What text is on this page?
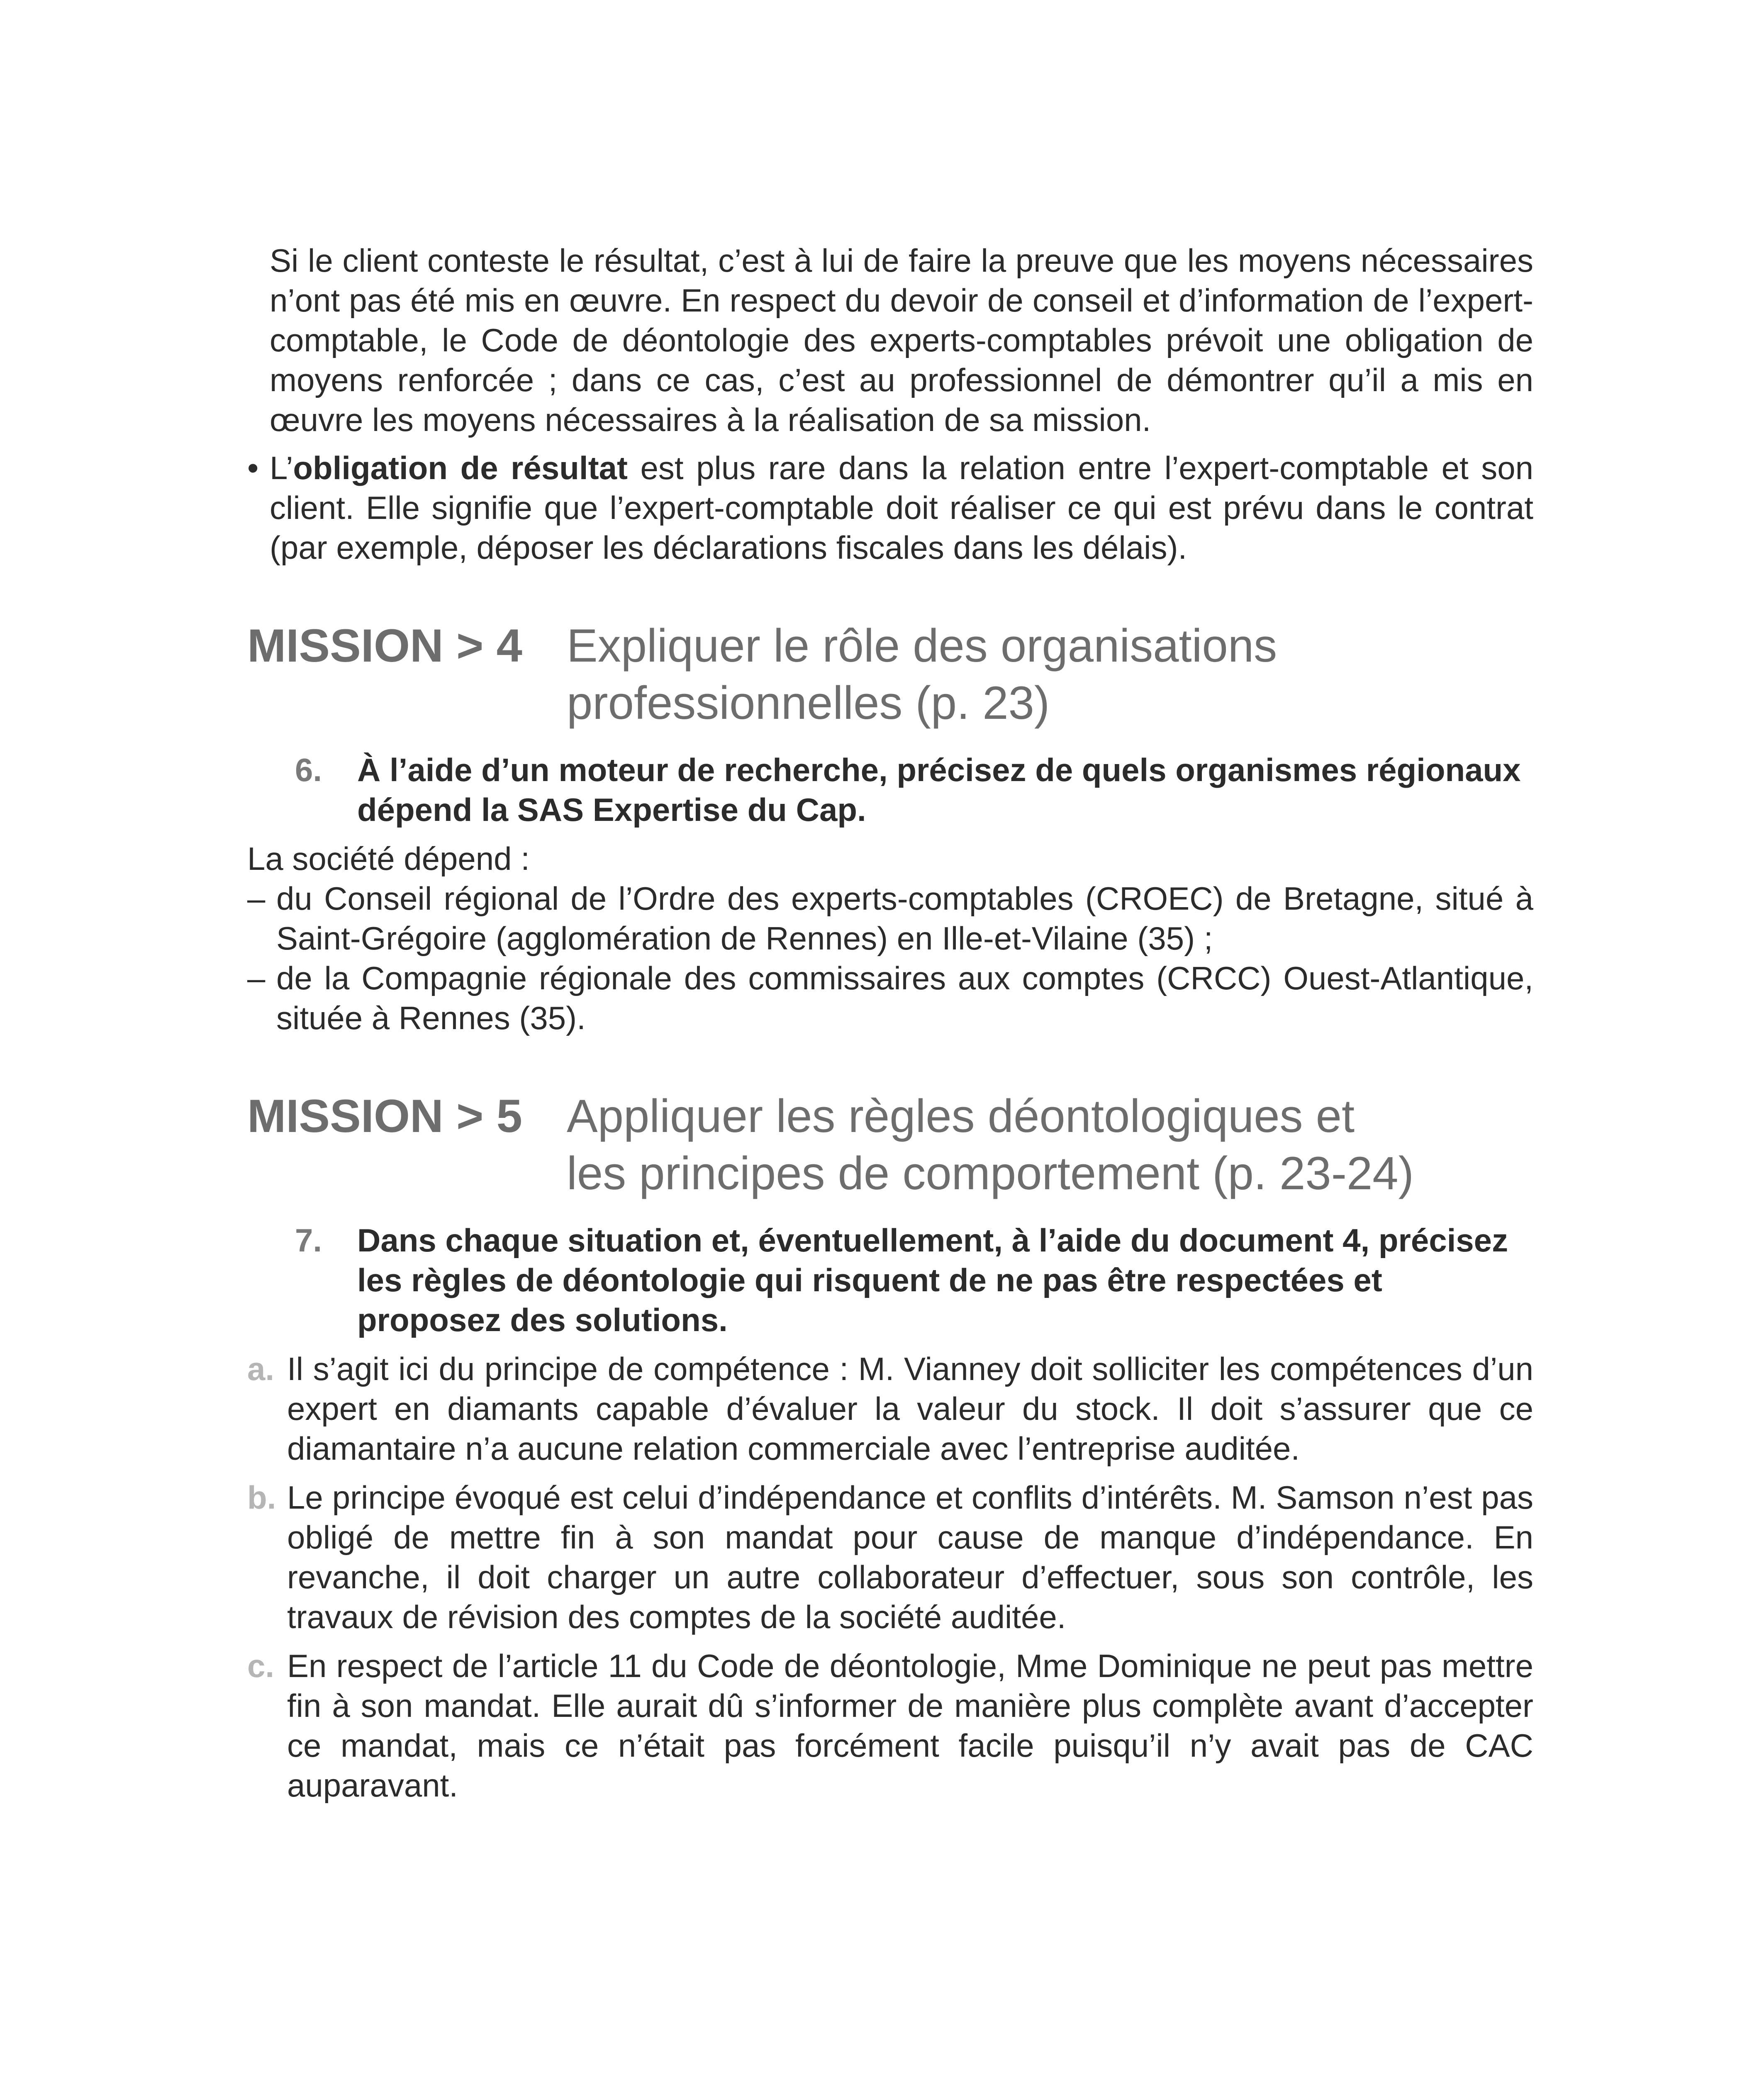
Si le client conteste le résultat, c’est à lui de faire la preuve que les moyens nécessaires n’ont pas été mis en œuvre. En respect du devoir de conseil et d’information de l’expert-comptable, le Code de déontologie des experts-comptables prévoit une obligation de moyens renforcée ; dans ce cas, c’est au professionnel de démontrer qu’il a mis en œuvre les moyens nécessaires à la réalisation de sa mission.

• L’obligation de résultat est plus rare dans la relation entre l’expert-comptable et son client. Elle signifie que l’expert-comptable doit réaliser ce qui est prévu dans le contrat (par exemple, déposer les déclarations fiscales dans les délais).
MISSION > 4 Expliquer le rôle des organisations
professionnelles (p. 23)
6.	À l’aide d’un moteur de recherche, précisez de quels organismes régionaux dépend la SAS Expertise du Cap.

La société dépend :

– du Conseil régional de l’Ordre des experts-comptables (CROEC) de Bretagne, situé à Saint-Grégoire (agglomération de Rennes) en Ille-et-Vilaine (35) ;
– de la Compagnie régionale des commissaires aux comptes (CRCC) Ouest-Atlantique, située à Rennes (35).
MISSION > 5 Appliquer les règles déontologiques et
les principes de comportement (p. 23-24)
7.	Dans chaque situation et, éventuellement, à l’aide du document 4, précisez les règles de déontologie qui risquent de ne pas être respectées et proposez des solutions.
a. Il s’agit ici du principe de compétence : M. Vianney doit solliciter les compétences d’un expert en diamants capable d’évaluer la valeur du stock. Il doit s’assurer que ce diamantaire n’a aucune relation commerciale avec l’entreprise auditée.
b. Le principe évoqué est celui d’indépendance et conflits d’intérêts. M. Samson n’est pas obligé de mettre fin à son mandat pour cause de manque d’indépendance. En revanche, il doit charger un autre collaborateur d’effectuer, sous son contrôle, les travaux de révision des comptes de la société auditée.
c. En respect de l’article 11 du Code de déontologie, Mme Dominique ne peut pas mettre fin à son mandat. Elle aurait dû s’informer de manière plus complète avant d’accepter ce mandat, mais ce n’était pas forcément facile puisqu’il n’y avait pas de CAC auparavant.
